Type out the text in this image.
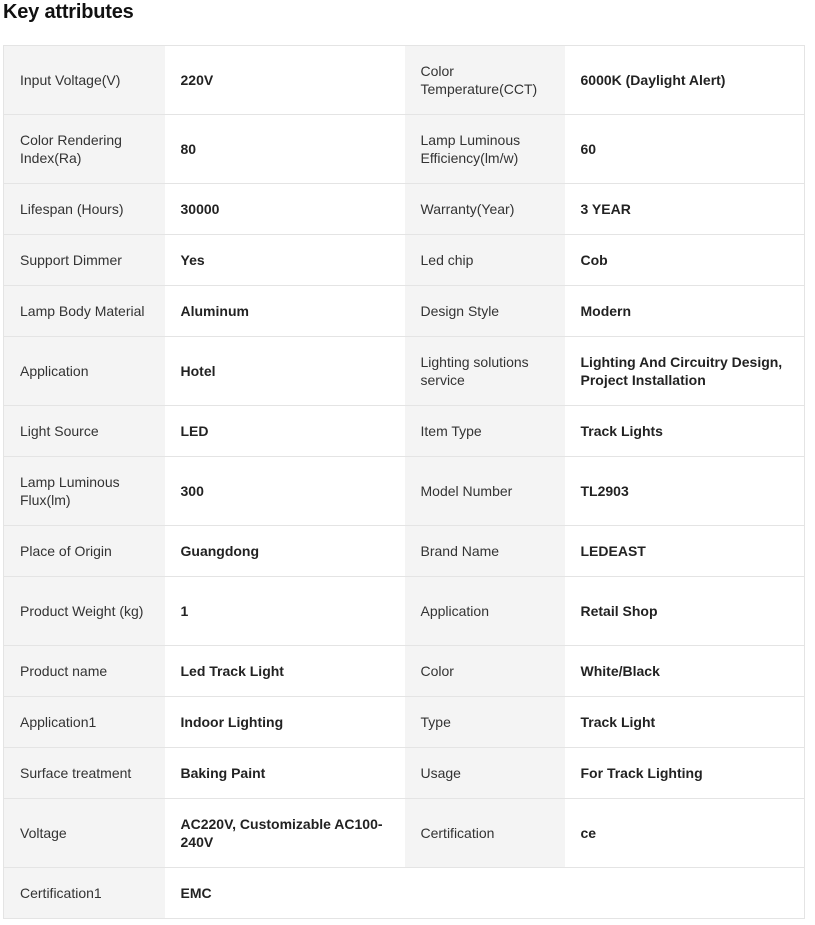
Key attributes
Input Voltage(V)	220V	Color Temperature(CCT)	6000K (Daylight Alert)
Color Rendering Index(Ra)	80	Lamp Luminous Efficiency(lm/w)	60
Lifespan (Hours)	30000	Warranty(Year)	3 YEAR
Support Dimmer	Yes	Led chip	Cob
Lamp Body Material	Aluminum	Design Style	Modern
Application	Hotel	Lighting solutions service	Lighting And Circuitry Design, Project Installation
Light Source	LED	Item Type	Track Lights
Lamp Luminous Flux(lm)	300	Model Number	TL2903
Place of Origin	Guangdong	Brand Name	LEDEAST
Product Weight (kg)	1	Application	Retail Shop
Product name	Led Track Light	Color	White/Black
Application1	Indoor Lighting	Type	Track Light
Surface treatment	Baking Paint	Usage	For Track Lighting
Voltage	AC220V, Customizable AC100-240V	Certification	ce
Certification1	EMC		
